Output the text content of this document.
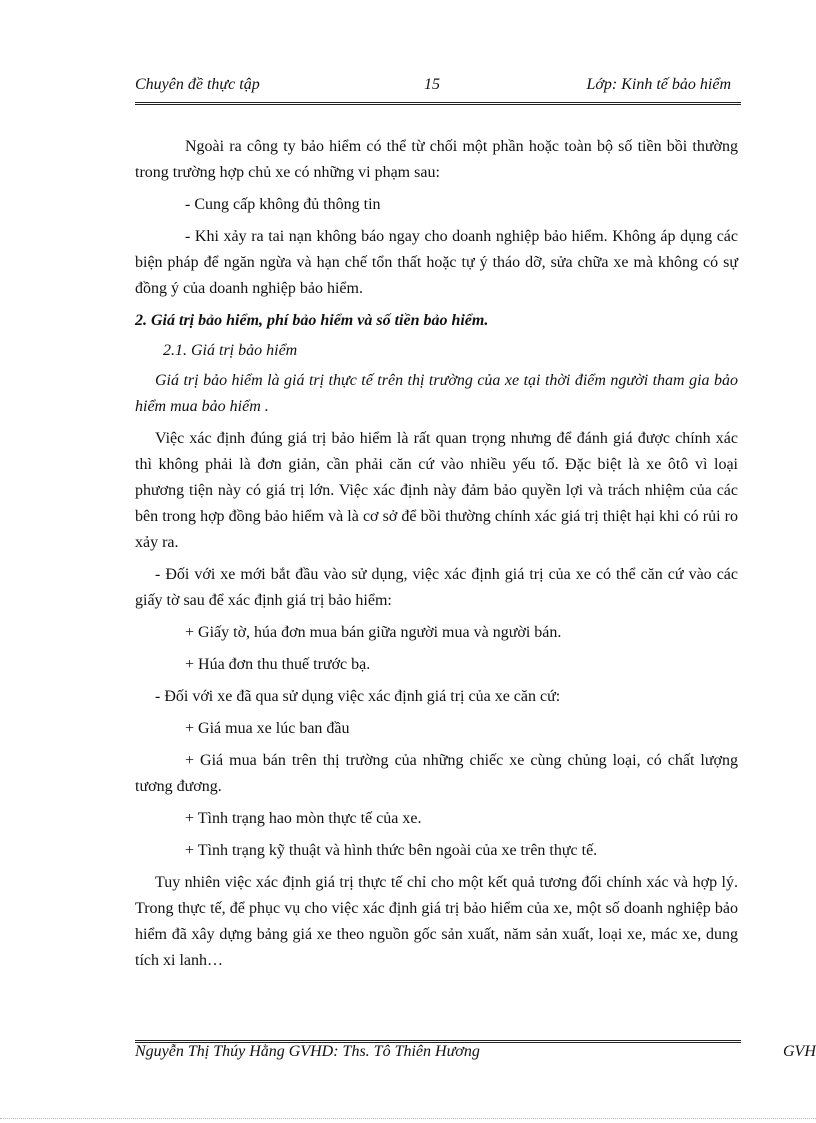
Chuyên đề thực tập	15	Lớp: Kinh tế bảo hiểm

Ngoài ra công ty bảo hiểm có thể từ chối một phần hoặc toàn bộ số tiền bồi thường trong trường hợp chủ xe có những vi phạm sau:

- Cung cấp không đủ thông tin

- Khi xảy ra tai nạn không báo ngay cho doanh nghiệp bảo hiểm. Không áp dụng các biện pháp để ngăn ngừa và hạn chế tổn thất hoặc tự ý tháo dỡ, sửa chữa xe mà không có sự đồng ý của doanh nghiệp bảo hiểm.

2. Giá trị bảo hiểm, phí bảo hiểm và số tiền bảo hiểm.

2.1. Giá trị bảo hiểm

Giá trị bảo hiểm là giá trị thực tế trên thị trường của xe tại thời điểm người tham gia bảo hiểm mua bảo hiểm .

Việc xác định đúng giá trị bảo hiểm là rất quan trọng nhưng để đánh giá được chính xác thì không phải là đơn giản, cần phải căn cứ vào nhiều yếu tố. Đặc biệt là xe ôtô vì loại phương tiện này có giá trị lớn. Việc xác định này đảm bảo quyền lợi và trách nhiệm của các bên trong hợp đồng bảo hiểm và là cơ sở để bồi thường chính xác giá trị thiệt hại khi có rủi ro xảy ra.

- Đối với xe mới bắt đầu vào sử dụng, việc xác định giá trị của xe có thể căn cứ vào các giấy tờ sau để xác định giá trị bảo hiểm:

+ Giấy tờ, húa đơn mua bán giữa người mua và người bán.

+ Húa đơn thu thuế trước bạ.

- Đối với xe đã qua sử dụng việc xác định giá trị của xe căn cứ:

+ Giá mua xe lúc ban đầu

+ Giá mua bán trên thị trường của những chiếc xe cùng chủng loại, có chất lượng tương đương.

+ Tình trạng hao mòn thực tế của xe.

+ Tình trạng kỹ thuật và hình thức bên ngoài của xe trên thực tế.

Tuy nhiên việc xác định giá trị thực tế chỉ cho một kết quả tương đối chính xác và hợp lý. Trong thực tế, để phục vụ cho việc xác định giá trị bảo hiểm của xe, một số doanh nghiệp bảo hiểm đã xây dựng bảng giá xe theo nguồn gốc sản xuất, năm sản xuất, loại xe, mác xe, dung tích xi lanh…

Nguyễn Thị Thúy Hằng GVHD: Ths. Tô Thiên Hương	GVH
